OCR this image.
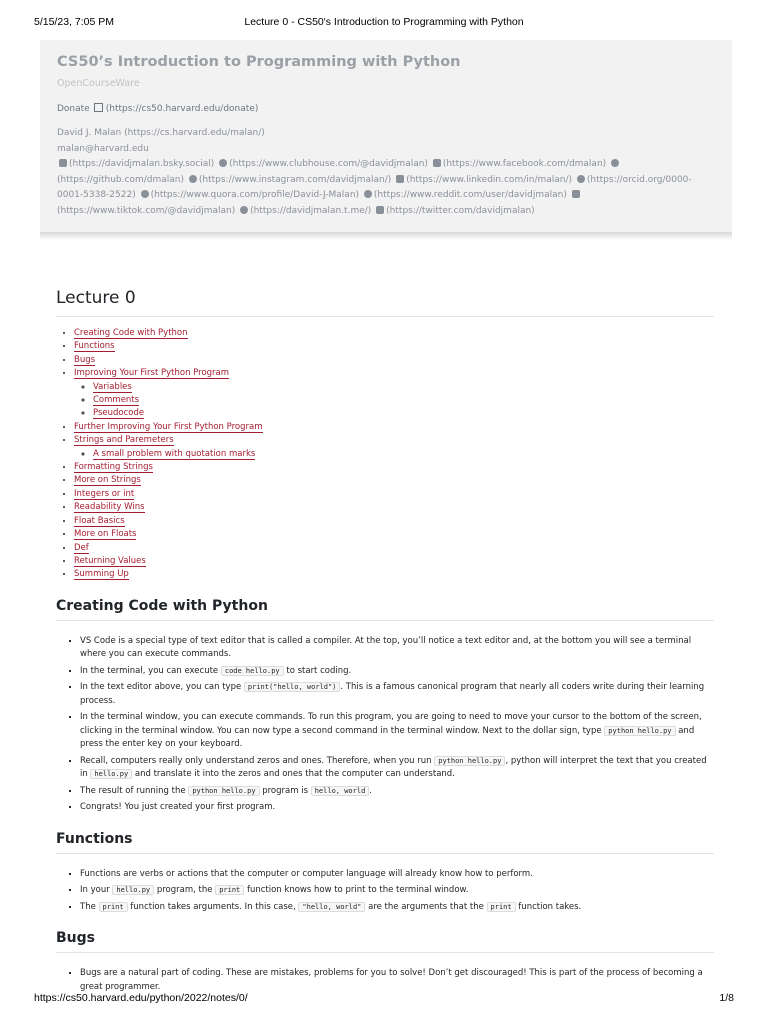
5/15/23, 7:05 PM	Lecture 0 - CS50's Introduction to Programming with Python
CS50’s Introduction to Programming with Python
OpenCourseWare
Donate (https://cs50.harvard.edu/donate)
David J. Malan (https://cs.harvard.edu/malan/)
malan@harvard.edu
(https://davidjmalan.bsky.social) (https://www.clubhouse.com/@davidjmalan) (https://www.facebook.com/dmalan) (https://github.com/dmalan) (https://www.instagram.com/davidjmalan/) (https://www.linkedin.com/in/malan/) (https://orcid.org/0000-0001-5338-2522) (https://www.quora.com/profile/David-J-Malan) (https://www.reddit.com/user/davidjmalan) (https://www.tiktok.com/@davidjmalan) (https://davidjmalan.t.me/) (https://twitter.com/davidjmalan)
Lecture 0
• Creating Code with Python
• Functions
• Bugs
• Improving Your First Python Program
◦ Variables
◦ Comments
◦ Pseudocode
• Further Improving Your First Python Program
• Strings and Paremeters
◦ A small problem with quotation marks
• Formatting Strings
• More on Strings
• Integers or int
• Readability Wins
• Float Basics
• More on Floats
• Def
• Returning Values
• Summing Up
Creating Code with Python
▪ VS Code is a special type of text editor that is called a compiler. At the top, you’ll notice a text editor and, at the bottom you will see a terminal where you can execute commands.
▪ In the terminal, you can execute code hello.py to start coding.
▪ In the text editor above, you can type print("hello, world") . This is a famous canonical program that nearly all coders write during their learning process.
▪ In the terminal window, you can execute commands. To run this program, you are going to need to move your cursor to the bottom of the screen, clicking in the terminal window. You can now type a second command in the terminal window. Next to the dollar sign, type python hello.py and press the enter key on your keyboard.
▪ Recall, computers really only understand zeros and ones. Therefore, when you run python hello.py , python will interpret the text that you created in hello.py and translate it into the zeros and ones that the computer can understand.
▪ The result of running the python hello.py program is hello, world .
▪ Congrats! You just created your first program.
Functions
▪ Functions are verbs or actions that the computer or computer language will already know how to perform.
▪ In your hello.py program, the print function knows how to print to the terminal window.
▪ The print function takes arguments. In this case, "hello, world" are the arguments that the print function takes.
Bugs
▪ Bugs are a natural part of coding. These are mistakes, problems for you to solve! Don’t get discouraged! This is part of the process of becoming a great programmer.
https://cs50.harvard.edu/python/2022/notes/0/	1/8
